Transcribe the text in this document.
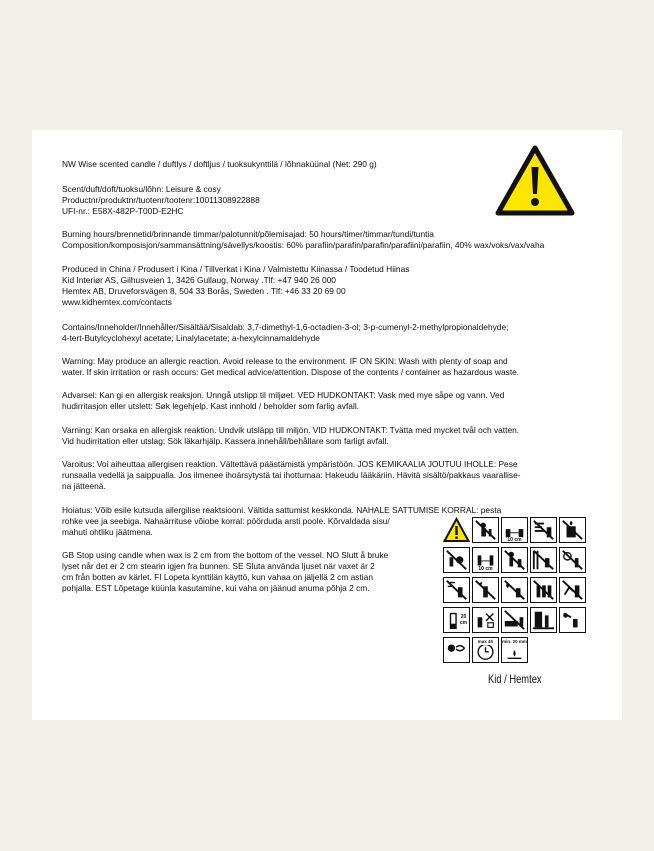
NW Wise scented candle / duftlys / doftljus / tuoksukynttilä / lõhnaküünal (Net: 290 g)
Scent/duft/doft/tuoksu/lõhn: Leisure & cosy
Productnr/produktnr/tuotenr/tootenr:10011308922888
UFI-nr.: E58X-482P-T00D-E2HC
Burning hours/brennetid/brinnande timmar/palotunnit/põlemisajad: 50 hours/timer/timmar/tundi/tuntia
Composition/komposisjon/sammansättning/sävellys/koostis: 60% parafiin/parafin/parafin/parafiini/parafiin, 40% wax/voks/vax/vaha
Produced in China / Produsert i Kina / Tillverkat i Kina / Valmistettu Kiinassa / Toodetud Hiinas
Kid Interiør AS, Gilhusveien 1, 3426 Gullaug, Norway .Tlf: +47 940 26 000
Hemtex AB, Druveforsvägen 8, 504 33 Borås, Sweden . Tlf: +46 33 20 69 00
www.kidhemtex.com/contacts
Contains/Inneholder/Innehåller/Sisältää/Sisaldab: 3,7-dimethyl-1,6-octadien-3-ol; 3-p-cumenyl-2-methylpropionaldehyde;
4-tert-Butylcyclohexyl acetate; Linalylacetate; a-hexylcinnamaldehyde
Warning: May produce an allergic reaction. Avoid release to the environment. IF ON SKIN: Wash with plenty of soap and
water. If skin irritation or rash occurs: Get medical advice/attention. Dispose of the contents / container as hazardous waste.
Advarsel: Kan gi en allergisk reaksjon. Unngå utslipp til miljøet. VED HUDKONTAKT: Vask med mye såpe og vann. Ved
hudirritasjon eller utslett: Søk legehjelp. Kast innhold / beholder som farlig avfall.
Varning: Kan orsaka en allergisk reaktion. Undvik utsläpp till miljön. VID HUDKONTAKT: Tvätta med mycket tvål och vatten.
Vid hudirritation eller utslag: Sök läkarhjälp. Kassera innehåll/behållare som farligt avfall.
Varoitus: Voi aiheuttaa allergisen reaktion. Vältettävä päästämistä ympäristöön. JOS KEMIKAALIA JOUTUU IHOLLE: Pese
runsaalla vedellä ja saippualla. Jos ilmenee ihoärsytystä tai ihottumaa: Hakeudu lääkäriin. Hävitä sisältö/pakkaus vaarallise-
na jätteenä.
Hoiatus: Võib esile kutsuda allergilise reaktsiooni. Vältida sattumist keskkonda. NAHALE SATTUMISE KORRAL: pesta
rohke vee ja seebiga. Nahaärrituse võiobe korral: pöörduda arsti poole. Kõrvaldada sisu/
mahuti ohtliku jäätmena.
GB Stop using candle when wax is 2 cm from the bottom of the vessel. NO Slutt å bruke
lyset når det er 2 cm stearin igjen fra bunnen. SE Sluta använda ljuset när vaxet är 2
cm från botten av kärlet. FI Lopeta kynttilän käyttö, kun vahaa on jäljellä 2 cm astian
pohjalla. EST Lõpetage küünla kasutamine, kui vaha on jäänud anuma põhja 2 cm.
10 cm
10 cm
20 cm
max 4h	min. 20 mm
Kid / Hemtex
